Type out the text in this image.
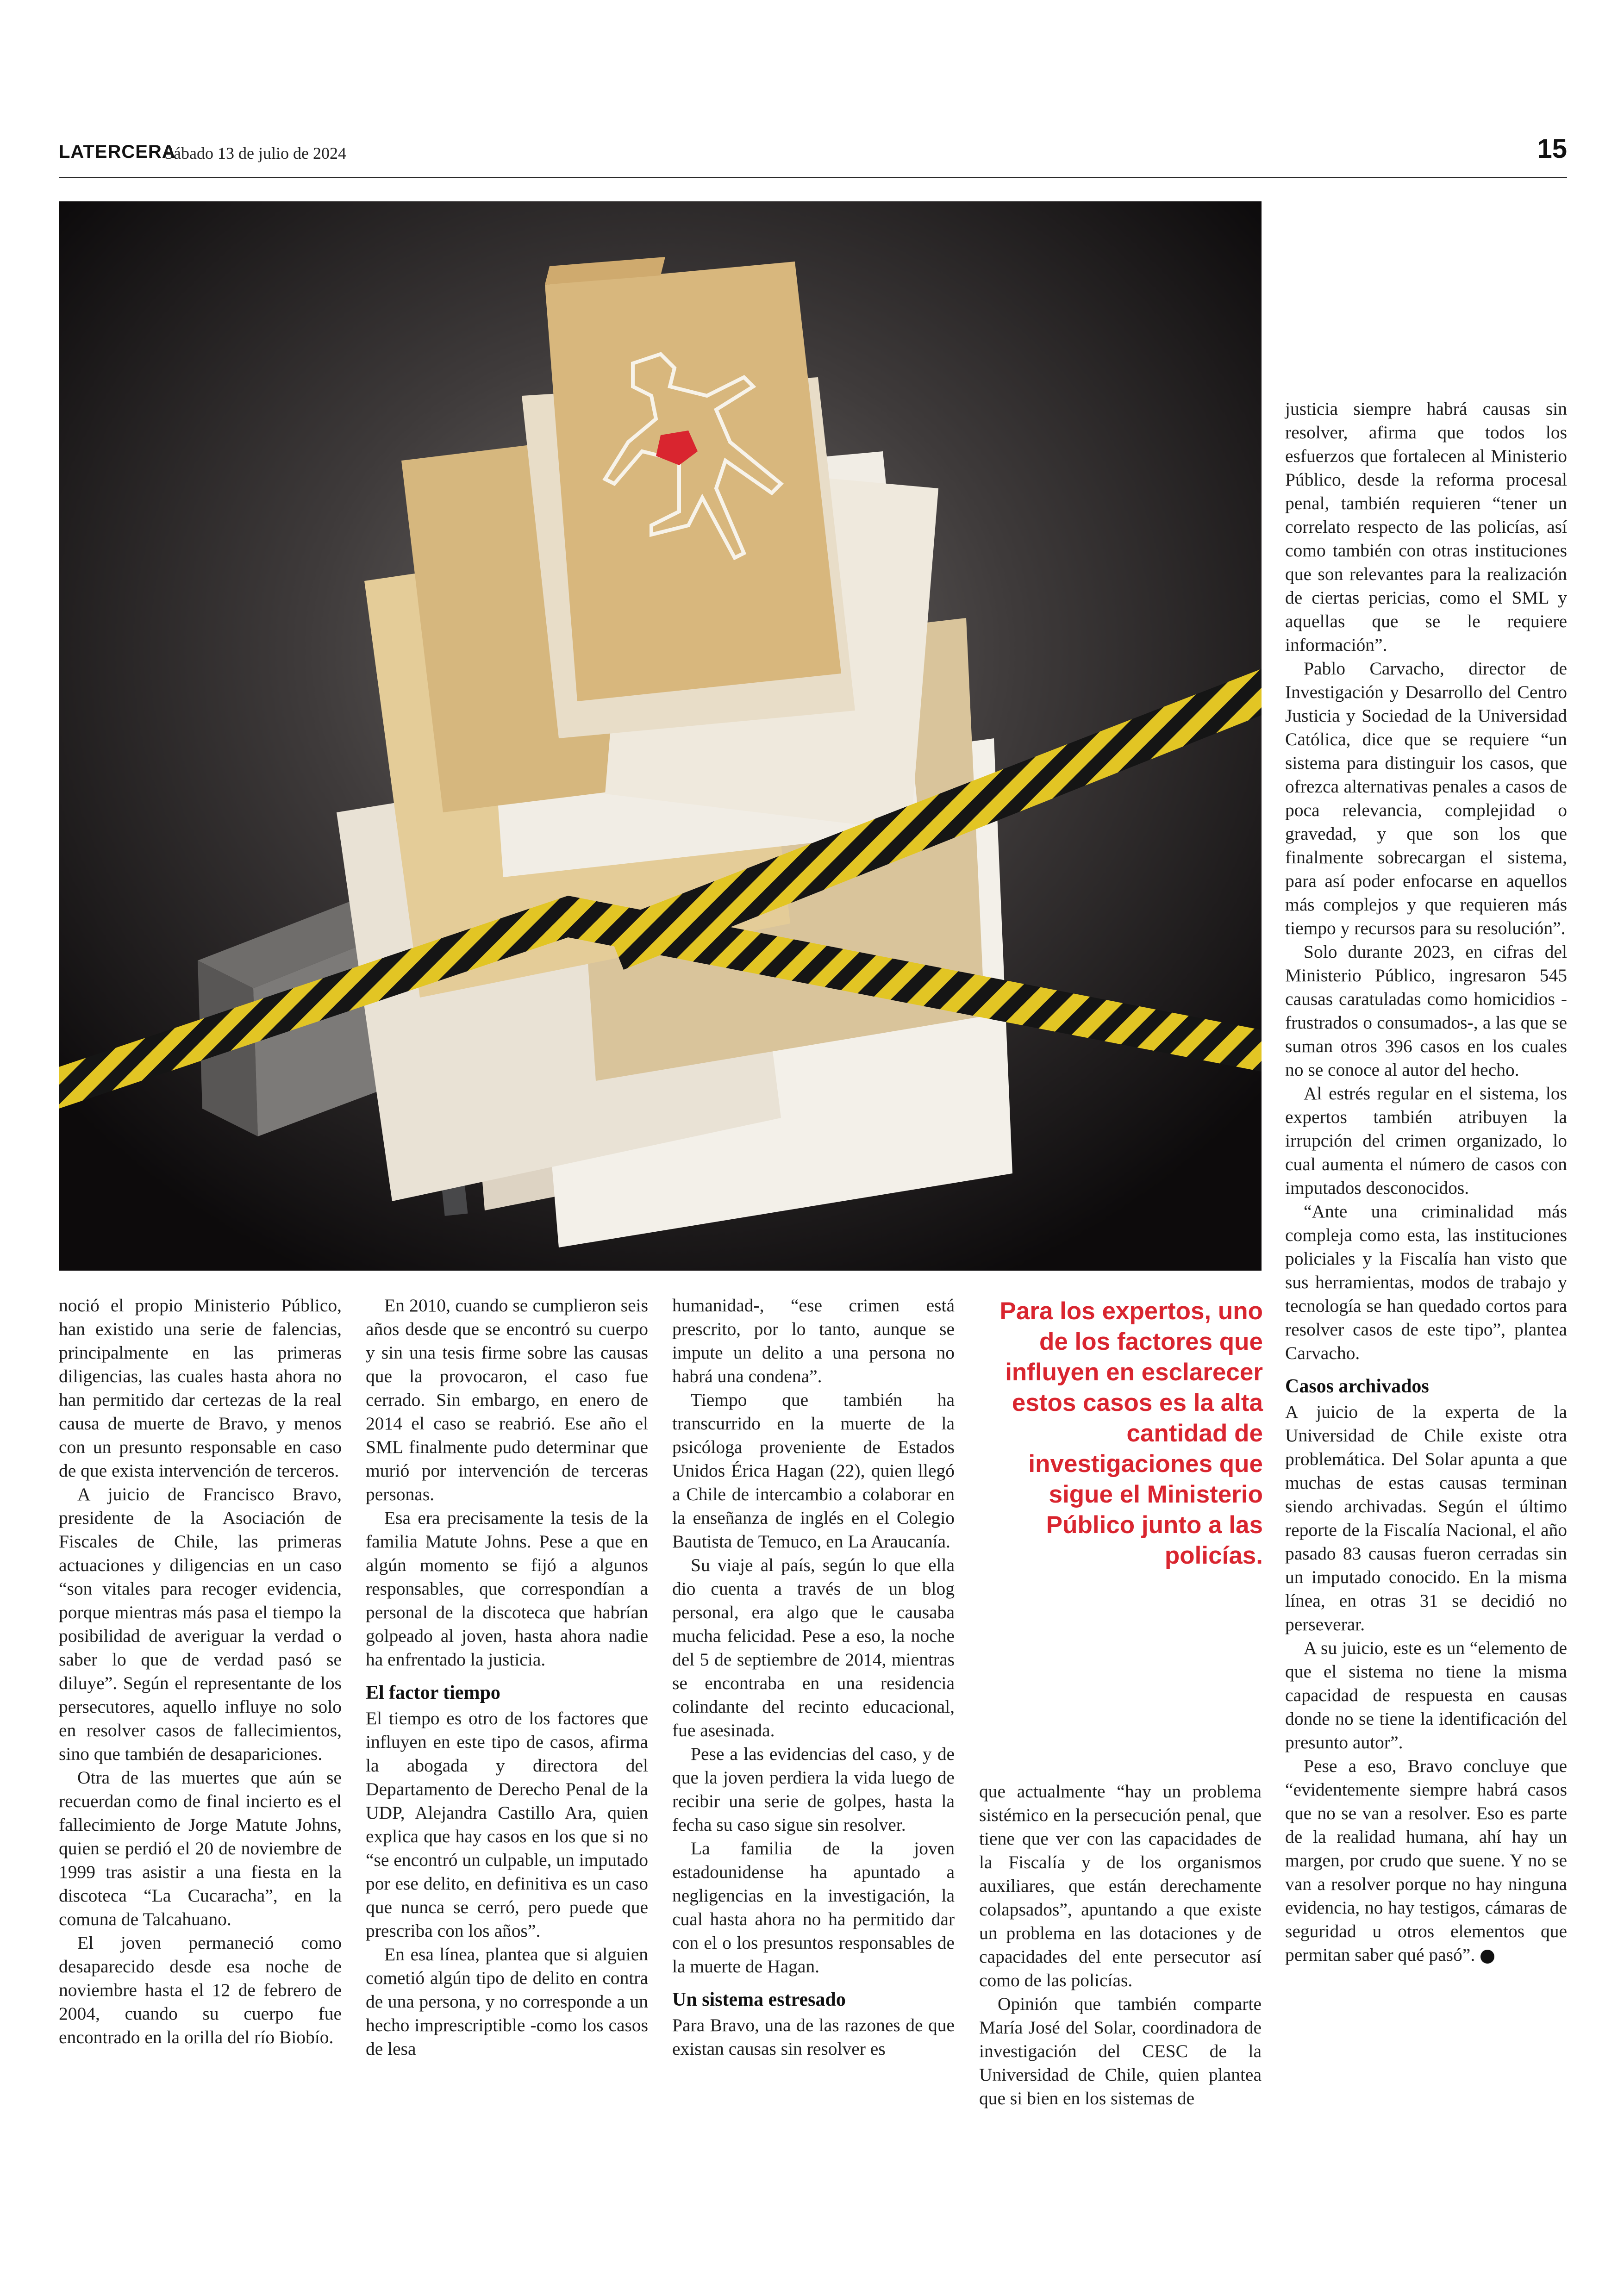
LATERCERA
Sábado 13 de julio de 2024	15

noció el propio Ministerio Público, han existido una serie de falencias, principalmente en las primeras diligencias, las cuales hasta ahora no han permitido dar certezas de la real causa de muerte de Bravo, y menos con un presunto responsable en caso de que exista intervención de terceros.

A juicio de Francisco Bravo, presidente de la Asociación de Fiscales de Chile, las primeras actuaciones y diligencias en un caso “son vitales para recoger evidencia, porque mientras más pasa el tiempo la posibilidad de averiguar la verdad o saber lo que de verdad pasó se diluye”. Según el representante de los persecutores, aquello influye no solo en resolver casos de fallecimientos, sino que también de desapariciones.

Otra de las muertes que aún se recuerdan como de final incierto es el fallecimiento de Jorge Matute Johns, quien se perdió el 20 de noviembre de 1999 tras asistir a una fiesta en la discoteca “La Cucaracha”, en la comuna de Talcahuano.

El joven permaneció como desaparecido desde esa noche de noviembre hasta el 12 de febrero de 2004, cuando su cuerpo fue encontrado en la orilla del río Biobío.

En 2010, cuando se cumplieron seis años desde que se encontró su cuerpo y sin una tesis firme sobre las causas que la provocaron, el caso fue cerrado. Sin embargo, en enero de 2014 el caso se reabrió. Ese año el SML finalmente pudo determinar que murió por intervención de terceras personas.

Esa era precisamente la tesis de la familia Matute Johns. Pese a que en algún momento se fijó a algunos responsables, que correspondían a personal de la discoteca que habrían golpeado al joven, hasta ahora nadie ha enfrentado la justicia.

El factor tiempo

El tiempo es otro de los factores que influyen en este tipo de casos, afirma la abogada y directora del Departamento de Derecho Penal de la UDP, Alejandra Castillo Ara, quien explica que hay casos en los que si no “se encontró un culpable, un imputado por ese delito, en definitiva es un caso que nunca se cerró, pero puede que prescriba con los años”.

En esa línea, plantea que si alguien cometió algún tipo de delito en contra de una persona, y no corresponde a un hecho imprescriptible -como los casos de lesa

humanidad-, “ese crimen está prescrito, por lo tanto, aunque se impute un delito a una persona no habrá una condena”.

Tiempo que también ha transcurrido en la muerte de la psicóloga proveniente de Estados Unidos Érica Hagan (22), quien llegó a Chile de intercambio a colaborar en la enseñanza de inglés en el Colegio Bautista de Temuco, en La Araucanía.

Su viaje al país, según lo que ella dio cuenta a través de un blog personal, era algo que le causaba mucha felicidad. Pese a eso, la noche del 5 de septiembre de 2014, mientras se encontraba en una residencia colindante del recinto educacional, fue asesinada.

Pese a las evidencias del caso, y de que la joven perdiera la vida luego de recibir una serie de golpes, hasta la fecha su caso sigue sin resolver.

La familia de la joven estadounidense ha apuntado a negligencias en la investigación, la cual hasta ahora no ha permitido dar con el o los presuntos responsables de la muerte de Hagan.

Un sistema estresado

Para Bravo, una de las razones de que existan causas sin resolver es

Para los expertos, uno de los factores que influyen en esclarecer estos casos es la alta cantidad de investigaciones que sigue el Ministerio Público junto a las policías.

que actualmente “hay un problema sistémico en la persecución penal, que tiene que ver con las capacidades de la Fiscalía y de los organismos auxiliares, que están derechamente colapsados”, apuntando a que existe un problema en las dotaciones y de capacidades del ente persecutor así como de las policías.

Opinión que también comparte María José del Solar, coordinadora de investigación del CESC de la Universidad de Chile, quien plantea que si bien en los sistemas de

justicia siempre habrá causas sin resolver, afirma que todos los esfuerzos que fortalecen al Ministerio Público, desde la reforma procesal penal, también requieren “tener un correlato respecto de las policías, así como también con otras instituciones que son relevantes para la realización de ciertas pericias, como el SML y aquellas que se le requiere información”.

Pablo Carvacho, director de Investigación y Desarrollo del Centro Justicia y Sociedad de la Universidad Católica, dice que se requiere “un sistema para distinguir los casos, que ofrezca alternativas penales a casos de poca relevancia, complejidad o gravedad, y que son los que finalmente sobrecargan el sistema, para así poder enfocarse en aquellos más complejos y que requieren más tiempo y recursos para su resolución”.

Solo durante 2023, en cifras del Ministerio Público, ingresaron 545 causas caratuladas como homicidios -frustrados o consumados-, a las que se suman otros 396 casos en los cuales no se conoce al autor del hecho.

Al estrés regular en el sistema, los expertos también atribuyen la irrupción del crimen organizado, lo cual aumenta el número de casos con imputados desconocidos.

“Ante una criminalidad más compleja como esta, las instituciones policiales y la Fiscalía han visto que sus herramientas, modos de trabajo y tecnología se han quedado cortos para resolver casos de este tipo”, plantea Carvacho.

Casos archivados

A juicio de la experta de la Universidad de Chile existe otra problemática. Del Solar apunta a que muchas de estas causas terminan siendo archivadas. Según el último reporte de la Fiscalía Nacional, el año pasado 83 causas fueron cerradas sin un imputado conocido. En la misma línea, en otras 31 se decidió no perseverar.

A su juicio, este es un “elemento de que el sistema no tiene la misma capacidad de respuesta en causas donde no se tiene la identificación del presunto autor”.

Pese a eso, Bravo concluye que “evidentemente siempre habrá casos que no se van a resolver. Eso es parte de la realidad humana, ahí hay un margen, por crudo que suene. Y no se van a resolver porque no hay ninguna evidencia, no hay testigos, cámaras de seguridad u otros elementos que permitan saber qué pasó”.
